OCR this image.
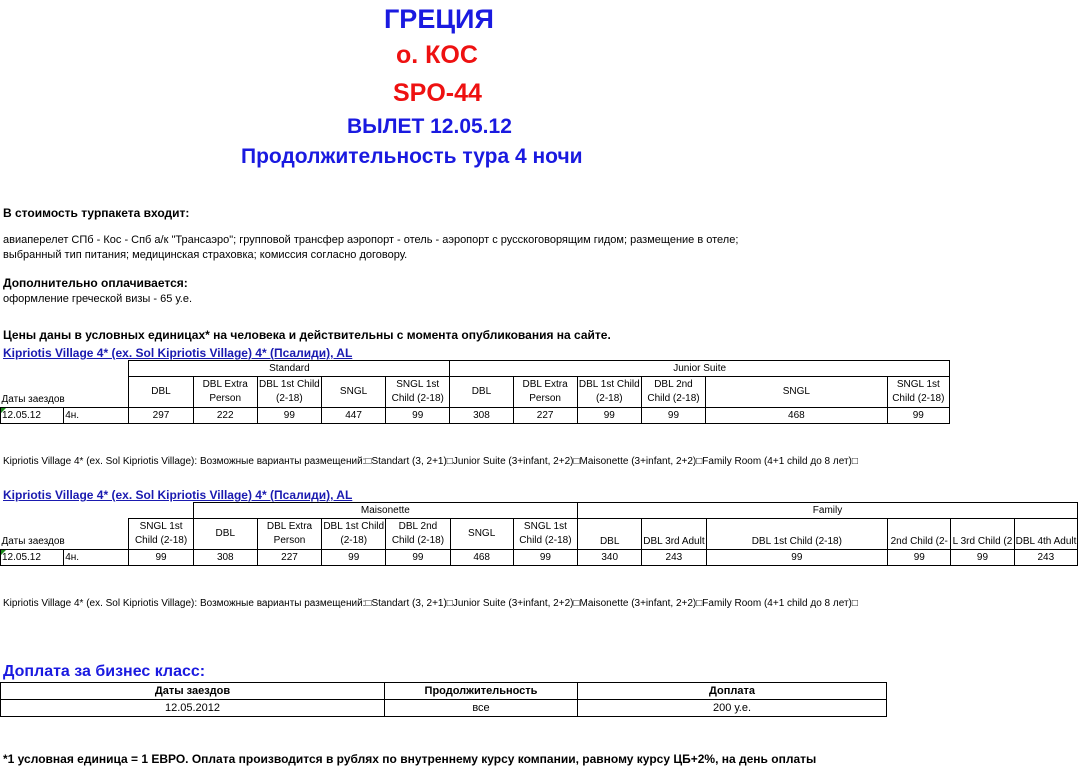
ГРЕЦИЯ
о. КОС
SPO-44
ВЫЛЕТ 12.05.12
Продолжительность тура 4 ночи
В стоимость турпакета входит:
авиаперелет СПб - Кос - Спб а/к "Трансаэро"; групповой трансфер аэропорт - отель - аэропорт с русскоговорящим гидом; размещение в отеле;
выбранный тип питания; медицинская страховка; комиссия согласно договору.
Дополнительно оплачивается:
оформление греческой визы - 65 у.е.
Цены даны в условных единицах* на человека и действительны с момента опубликования на сайте.
Kipriotis Village 4* (ex. Sol Kipriotis Village) 4* (Псалиди), AL
		Standard					Junior Suite					
Даты заездов		DBL	DBL Extra Person	DBL 1st Child (2-18)	SNGL	SNGL 1st Child (2-18)	DBL	DBL Extra Person	DBL 1st Child (2-18)	DBL 2nd Child (2-18)	SNGL	SNGL 1st Child (2-18)

12.05.12	4н.	297	222	99	447	99	308	227	99	99	468	99
Kipriotis Village 4* (ex. Sol Kipriotis Village): Возможные варианты размещений:□Standart (3, 2+1)□Junior Suite (3+infant, 2+2)□Maisonette (3+infant, 2+2)□Family Room (4+1 child до 8 лет)□
Kipriotis Village 4* (ex. Sol Kipriotis Village) 4* (Псалиди), AL
			Maisonette						Family					
Даты заездов		SNGL 1st Child (2-18)	DBL	DBL Extra Person	DBL 1st Child (2-18)	DBL 2nd Child (2-18)	SNGL	SNGL 1st Child (2-18)	DBL	DBL 3rd Adult	DBL 1st Child (2-18)	2nd Child (2-	L 3rd Child (2	DBL 4th Adult

12.05.12	4н.	99	308	227	99	99	468	99	340	243	99	99	99	243
Kipriotis Village 4* (ex. Sol Kipriotis Village): Возможные варианты размещений:□Standart (3, 2+1)□Junior Suite (3+infant, 2+2)□Maisonette (3+infant, 2+2)□Family Room (4+1 child до 8 лет)□
Доплата за бизнес класс:
Даты заездов	Продолжительность	Доплата
12.05.2012	все	200 у.е.
*1 условная единица = 1 ЕВРО. Оплата производится в рублях по внутреннему курсу компании, равному курсу ЦБ+2%, на день оплаты
